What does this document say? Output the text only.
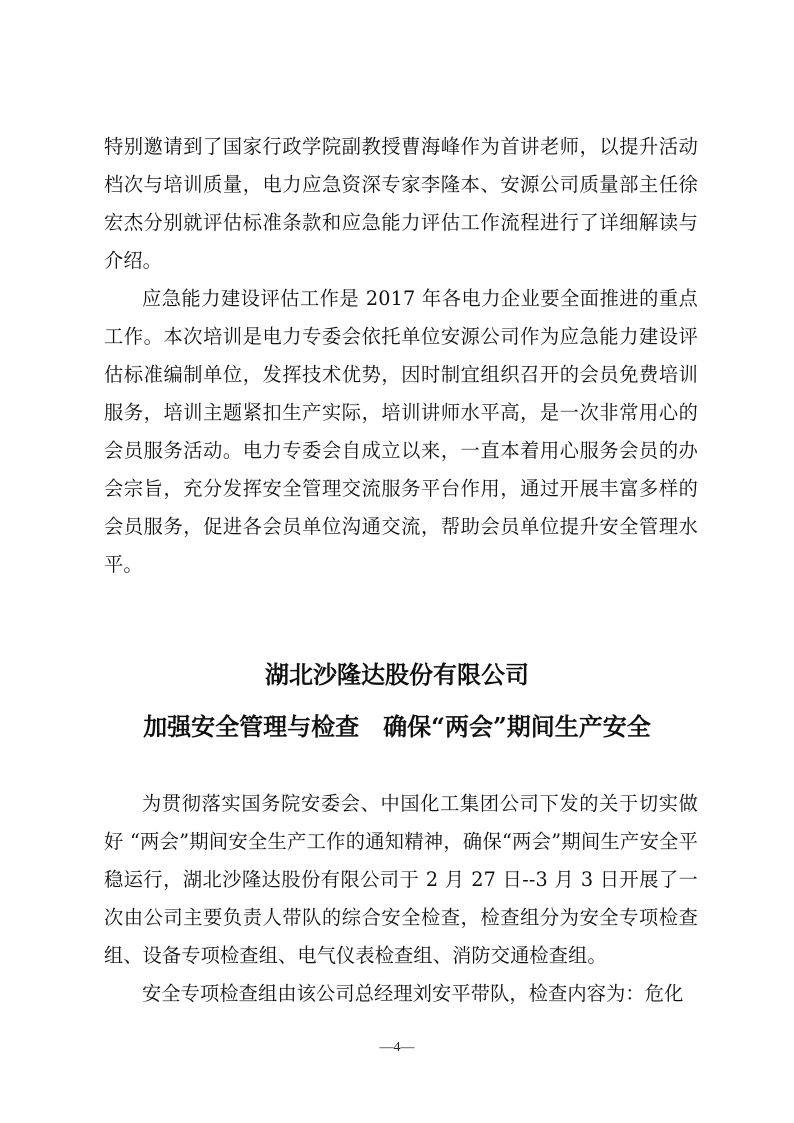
特别邀请到了国家行政学院副教授曹海峰作为首讲老师，以提升活动档次与培训质量，电力应急资深专家李隆本、安源公司质量部主任徐宏杰分别就评估标准条款和应急能力评估工作流程进行了详细解读与介绍。

应急能力建设评估工作是 2017 年各电力企业要全面推进的重点工作。本次培训是电力专委会依托单位安源公司作为应急能力建设评估标准编制单位，发挥技术优势，因时制宜组织召开的会员免费培训服务，培训主题紧扣生产实际，培训讲师水平高，是一次非常用心的会员服务活动。电力专委会自成立以来，一直本着用心服务会员的办会宗旨，充分发挥安全管理交流服务平台作用，通过开展丰富多样的会员服务，促进各会员单位沟通交流，帮助会员单位提升安全管理水平。

湖北沙隆达股份有限公司
加强安全管理与检查　确保“两会”期间生产安全

为贯彻落实国务院安委会、中国化工集团公司下发的关于切实做好 “两会”期间安全生产工作的通知精神，确保“两会”期间生产安全平稳运行，湖北沙隆达股份有限公司于 2 月 27 日--3 月 3 日开展了一次由公司主要负责人带队的综合安全检查，检查组分为安全专项检查组、设备专项检查组、电气仪表检查组、消防交通检查组。

安全专项检查组由该公司总经理刘安平带队，检查内容为：危化

—4—
